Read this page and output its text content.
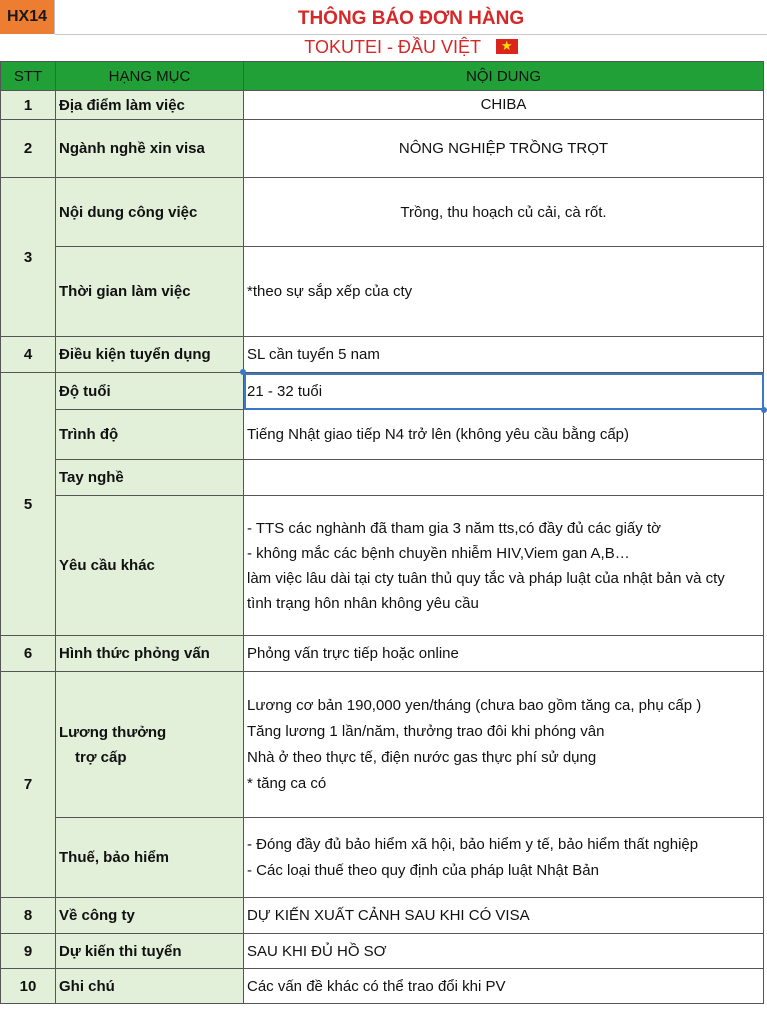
HX14	THÔNG BÁO ĐƠN HÀNG
TOKUTEI - ĐẦU VIỆT	★
STT	HẠNG MỤC	NỘI DUNG
1	Địa điểm làm việc	CHIBA
2	Ngành nghề xin visa	NÔNG NGHIỆP TRỒNG TRỌT
3	Nội dung công việc	Trồng, thu hoạch củ cải, cà rốt.
	Thời gian làm việc	*theo sự sắp xếp của cty
4	Điều kiện tuyển dụng	SL cần tuyển 5 nam
5	Độ tuổi	21 - 32 tuổi

	Trình độ	Tiếng Nhật giao tiếp N4 trở lên (không yêu cầu bằng cấp)
	Tay nghề	
	Yêu cầu khác	- TTS các nghành đã tham gia 3 năm tts,có đầy đủ các giấy tờ
- không mắc các bệnh chuyền nhiễm HIV,Viem gan A,B…
làm việc lâu dài tại cty tuân thủ quy tắc và pháp luật của nhật bản và cty
tình trạng hôn nhân không yêu cầu

6	Hình thức phỏng vấn	Phỏng vấn trực tiếp hoặc online
7	Lương thưởng
trợ cấp	Lương cơ bản 190,000 yen/tháng (chưa bao gồm tăng ca, phụ cấp )
Tăng lương 1 lần/năm, thưởng trao đôi khi phóng vân
Nhà ở theo thực tế, điện nước gas thực phí sử dụng
* tăng ca có

	Thuế, bảo hiểm	- Đóng đầy đủ bảo hiểm xã hội, bảo hiểm y tế, bảo hiểm thất nghiệp
- Các loại thuế theo quy định của pháp luật Nhật Bản

8	Về công ty	DỰ KIẾN XUẤT CẢNH SAU KHI CÓ VISA
9	Dự kiến thi tuyển	SAU KHI ĐỦ HỒ SƠ
10	Ghi chú	Các vấn đề khác có thể trao đổi khi PV
